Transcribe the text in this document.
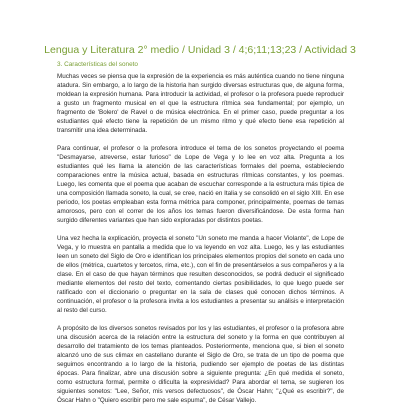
Lengua y Literatura 2° medio / Unidad 3 / 4;6;11;13;23 / Actividad 3
3. Características del soneto

Muchas veces se piensa que la expresión de la experiencia es más auténtica cuando no tiene ninguna atadura. Sin embargo, a lo largo de la historia han surgido diversas estructuras que, de alguna forma, moldean la expresión humana. Para introducir la actividad, el profesor o la profesora puede reproducir a gusto un fragmento musical en el que la estructura rítmica sea fundamental; por ejemplo, un fragmento de 'Bolero' de Ravel o de música electrónica. En el primer caso, puede preguntar a los estudiantes qué efecto tiene la repetición de un mismo ritmo y qué efecto tiene esa repetición al transmitir una idea determinada.

Para continuar, el profesor o la profesora introduce el tema de los sonetos proyectando el poema "Desmayarse, atreverse, estar furioso" de Lope de Vega y lo lee en voz alta. Pregunta a los estudiantes qué les llama la atención de las características formales del poema, estableciendo comparaciones entre la música actual, basada en estructuras rítmicas constantes, y los poemas. Luego, les comenta que el poema que acaban de escuchar corresponde a la estructura más típica de una composición llamada soneto, la cual, se cree, nació en Italia y se consolidó en el siglo XIII. En ese periodo, los poetas empleaban esta forma métrica para componer, principalmente, poemas de temas amorosos, pero con el correr de los años los temas fueron diversificándose. De esta forma han surgido diferentes variantes que han sido exploradas por distintos poetas.

Una vez hecha la explicación, proyecta el soneto "Un soneto me manda a hacer Violante", de Lope de Vega, y lo muestra en pantalla a medida que lo va leyendo en voz alta. Luego, les y las estudiantes leen un soneto del Siglo de Oro e identifican los principales elementos propios del soneto en cada uno de ellos (métrica, cuartetos y tercetos, rima, etc.), con el fin de presentárselos a sus compañeros y a la clase. En el caso de que hayan términos que resulten desconocidos, se podrá deducir el significado mediante elementos del resto del texto, comentando ciertas posibilidades, lo que luego puede ser ratificado con el diccionario o preguntar en la sala de clases qué conocen dichos términos. A continuación, el profesor o la profesora invita a los estudiantes a presentar su análisis e interpretación al resto del curso.

A propósito de los diversos sonetos revisados por los y las estudiantes, el profesor o la profesora abre una discusión acerca de la relación entre la estructura del soneto y la forma en que contribuyen al desarrollo del tratamiento de los temas planteados. Posteriormente, menciona que, si bien el soneto alcanzó uno de sus climax en castellano durante el Siglo de Oro, se trata de un tipo de poema que seguimos encontrando a lo largo de la historia, pudiendo ser ejemplo de poetas de las distintas épocas. Para finalizar, abre una discusión sobre a siguiente pregunta: ¿En qué medida el soneto, como estructura formal, permite o dificulta la expresividad? Para abordar el tema, se sugieren los siguientes sonetos: "Lee, Señor, mis versos defectuosos", de Óscar Hahn; "¿Qué es escribir?", de Óscar Hahn o "Quiero escribir pero me sale espuma", de César Vallejo.
